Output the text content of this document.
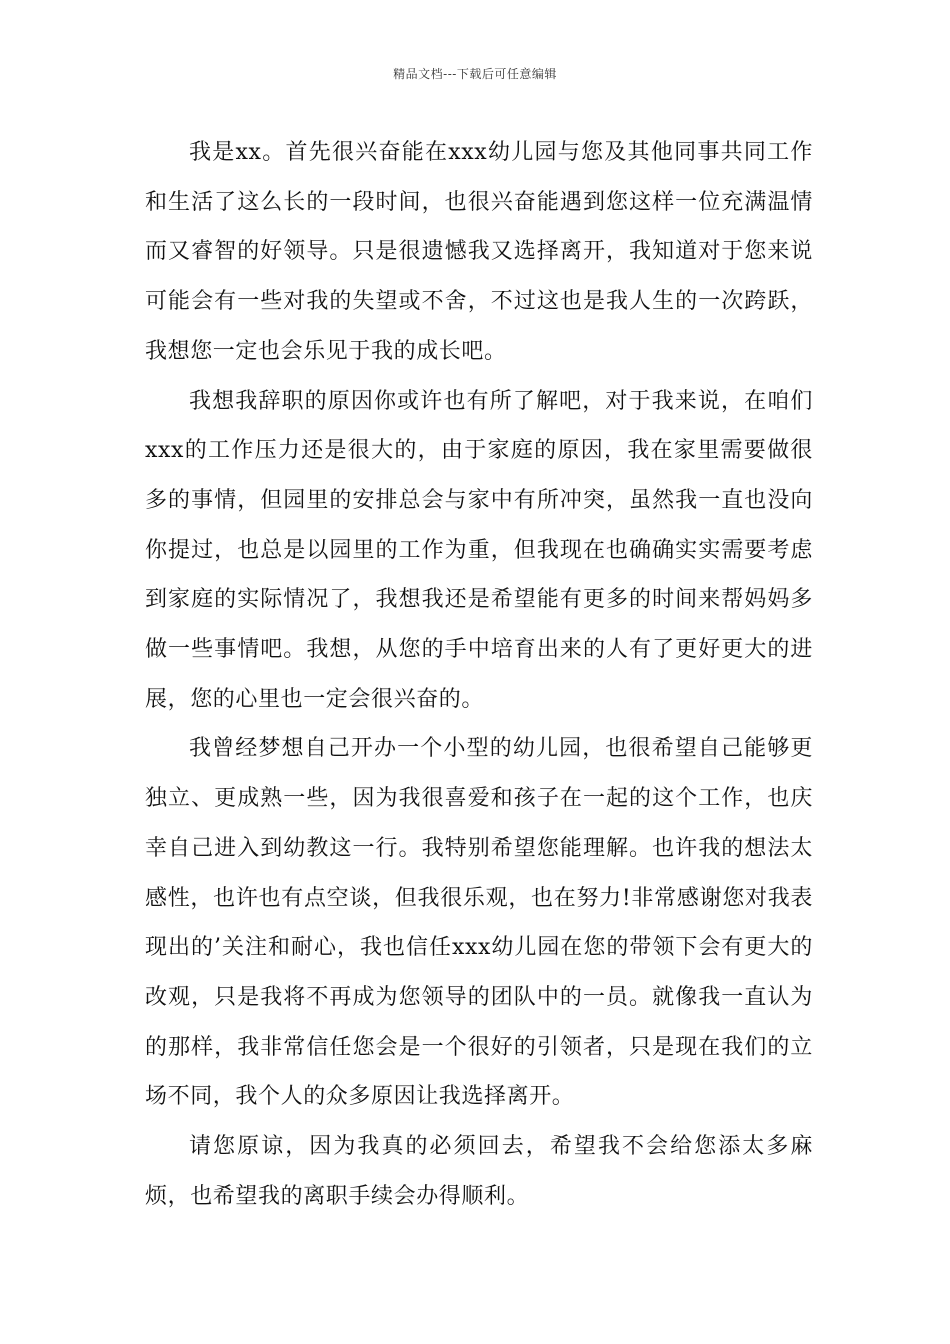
精品文档---下载后可任意编辑

我是xx。首先很兴奋能在xxx幼儿园与您及其他同事共同工作和生活了这么长的一段时间，也很兴奋能遇到您这样一位充满温情而又睿智的好领导。只是很遗憾我又选择离开，我知道对于您来说可能会有一些对我的失望或不舍，不过这也是我人生的一次跨跃，我想您一定也会乐见于我的成长吧。

我想我辞职的原因你或许也有所了解吧，对于我来说，在咱们xxx的工作压力还是很大的，由于家庭的原因，我在家里需要做很多的事情，但园里的安排总会与家中有所冲突，虽然我一直也没向你提过，也总是以园里的工作为重，但我现在也确确实实需要考虑到家庭的实际情况了，我想我还是希望能有更多的时间来帮妈妈多做一些事情吧。我想，从您的手中培育出来的人有了更好更大的进展，您的心里也一定会很兴奋的。

我曾经梦想自己开办一个小型的幼儿园，也很希望自己能够更独立、更成熟一些，因为我很喜爱和孩子在一起的这个工作，也庆幸自己进入到幼教这一行。我特别希望您能理解。也许我的想法太感性，也许也有点空谈，但我很乐观，也在努力!非常感谢您对我表现出的’关注和耐心，我也信任xxx幼儿园在您的带领下会有更大的改观，只是我将不再成为您领导的团队中的一员。就像我一直认为的那样，我非常信任您会是一个很好的引领者，只是现在我们的立场不同，我个人的众多原因让我选择离开。

请您原谅，因为我真的必须回去，希望我不会给您添太多麻烦，也希望我的离职手续会办得顺利。
